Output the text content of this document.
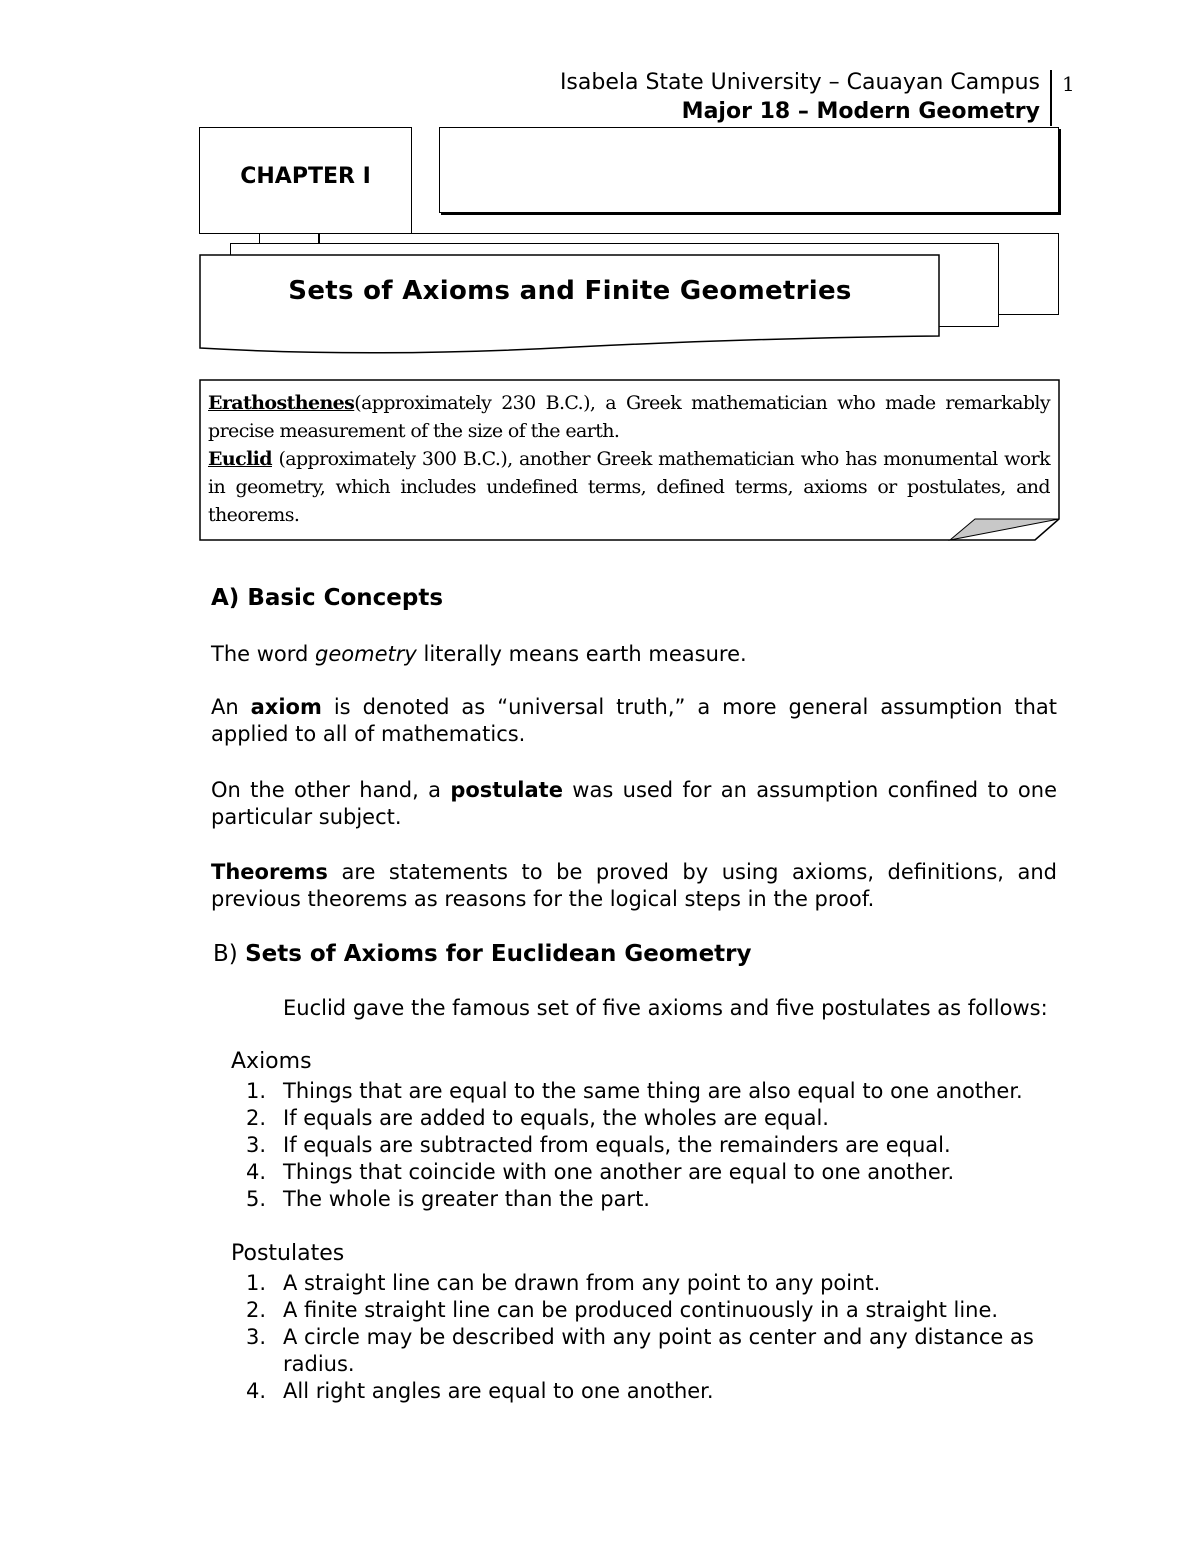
Isabela State University – Cauayan Campus
Major 18 – Modern Geometry
1
CHAPTER I
Sets of Axioms and Finite Geometries

Erathosthenes(approximately 230 B.C.), a Greek mathematician who made remarkably precise measurement of the size of the earth.

Euclid (approximately 300 B.C.), another Greek mathematician who has monumental work in geometry, which includes undefined terms, defined terms, axioms or postulates, and theorems.

A) Basic Concepts
The word geometry literally means earth measure.
An axiom is denoted as “universal truth,” a more general assumption that applied to all of mathematics.
On the other hand, a postulate was used for an assumption confined to one particular subject.
Theorems are statements to be proved by using axioms, definitions, and previous theorems as reasons for the logical steps in the proof.
B) Sets of Axioms for Euclidean Geometry
Euclid gave the famous set of five axioms and five postulates as follows:
Axioms
1. Things that are equal to the same thing are also equal to one another.
2. If equals are added to equals, the wholes are equal.
3. If equals are subtracted from equals, the remainders are equal.
4. Things that coincide with one another are equal to one another.
5. The whole is greater than the part.
Postulates
1. A straight line can be drawn from any point to any point.
2. A finite straight line can be produced continuously in a straight line.
3. A circle may be described with any point as center and any distance as radius.
4. All right angles are equal to one another.
